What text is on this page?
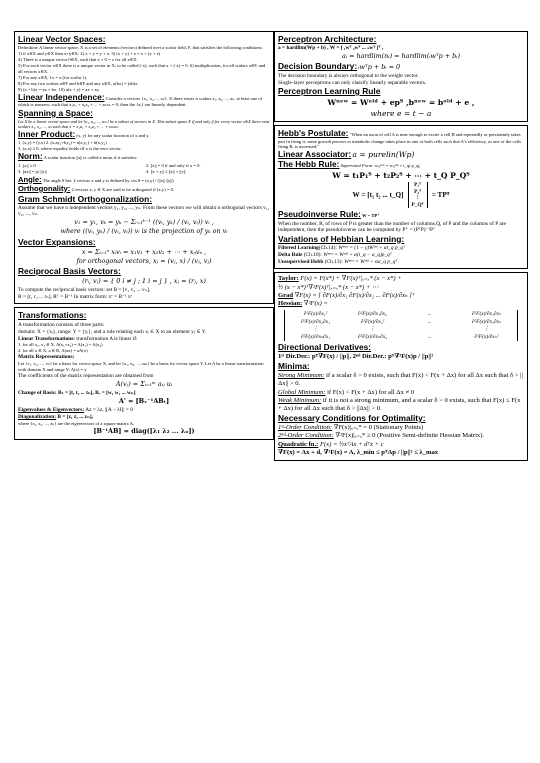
Linear Vector Spaces:
Definition: A linear vector space, X is a set of elements (vectors) defined over a scalar field, F, that satisfies the following conditions:
1) if x∈X and y∈X then x+y∈X. 2) x + y = y + x. 3) (x + y) + z = x + (y + z)
4) There is a unique vector 0∈X, such that x + 0 = x for all x∈X.
5) For each vector x∈X there is a unique vector in X, to be called (-x), such that x + (-x) = 0. 6) multiplication, for all scalars a∈F, and all vectors x∈X.
7) For any x∈X, 1x = x (for scalar 1).
8) For any two scalars a∈F and b∈F and any x∈X, a(bx) = (ab)x.
9) (a + b)x = ax + bx. 10) a(x + y) = ax + ay.
Linear Independence: Consider n vectors {x₁, x₂, .., xₙ}. If there exists n scalars a₁, a₂, ..., aₙ, at least one of which is nonzero, such that a₁x₁ + a₂x₂ + ... + aₙxₙ = 0, then the {xᵢ} are linearly dependent.
Spanning a Space:
Let X be a linear vector space and let {u₁, u₂, ..., uₘ} be a subset of vectors in X. This subset spans X if and only if for every vector x∈X there exist scalars x₁, x₂, ..., xₙ such that x = x₁u₁ + x₂u₂ + ... + xₘuₘ.
Inner Product: (x, y) for any scalar function of x and y.
1. (x,y) = (y,x) 2. (x,ay₁+by₂) = a(x,y₁) + b(x,y₂)
3. (x,x) ≥ 0, where equality holds iff x is the zero vector.
Norm: A scalar function ||x|| is called a norm if it satisfies:
1. ||x|| ≥ 0	2. ||x|| = 0 if and only if x = 0.
3. ||ax|| = |a| ||x||	4. ||x + y|| ≤ ||x|| + ||y||
Angle: The angle θ bet. 2 vectors x and y is defined by cos θ = (x,y) / (||x|| ||y||)
Orthogonality: 2 vectors x, y ∈ X are said to be orthogonal if (x,y) = 0.
Gram Schmidt Orthogonalization:
Assume that we have n independent vectors y₁, y₂, ..., yₙ. From these vectors we will obtain n orthogonal vectors v₁, v₂, ..., vₙ.
v₁ = y₁, vₖ = yₖ − Σᵢ₌₁ᵏ⁻¹ ((vᵢ, yₖ) / (vᵢ, vᵢ)) vᵢ ,
where ((vᵢ, yₖ) / (vᵢ, vᵢ)) vᵢ is the projection of yₖ on vᵢ
Vector Expansions:
x = Σᵢ₌₁ⁿ xᵢvᵢ = x₁v₁ + x₂v₂ + ⋯ + xₙvₙ ,
for orthogonal vectors, xⱼ = (vⱼ, x) / (vⱼ, vⱼ)
Reciprocal Basis Vectors:
(rᵢ, vⱼ) = { 0 i ≠ j ; 1 i = j } , xⱼ = (rⱼ, x)
To compute the reciprocal basis vectors: set B = [v₁ v₂ ... vₙ],
R = [r₁ r₂ ... rₙ], Rᵀ = B⁻¹ In matrix form: xᵛ = B⁻¹ xˢ
Transformations:
A transformation consists of three parts:
domain: X = {xᵢ}, range: Y = {yᵢ}, and a rule relating each xᵢ ∈ X to an element yⱼ ∈ Y.
Linear Transformations: transformation A is linear if:
1. for all x₁, x₂ ∈ X, A(x₁+x₂) = A(x₁) + A(x₂)
2. for all x ∈ X, a ∈ R, A(ax) = aA(x)
Matrix Representations:
Let {v₁, v₂, ..., vₙ} be a basis for vector space X, and let {u₁, u₂, ..., uₘ} be a basis for vector space Y. Let A be a linear transformation with domain X and range Y: A(x) = y
The coefficients of the matrix representation are obtained from
A(vⱼ) = Σᵢ₌₁ᵐ aᵢⱼ uᵢ
Change of Basis: Bₜ = [t₁ t₂ ... tₙ], Bᵥ = [w₁ w₂ ... wₙ]
A' = [Bᵥ⁻¹ABₜ]
Eigenvalues & Eigenvectors: Az = λz, |[A − λI]| = 0
Diagonalization: B = [z₁ z₂ ... zₙ],
where {z₁, z₂, ..., zₙ} are the eigenvectors of a square matrix A,
[B⁻¹AB] = diag([λ₁ λ₂ ... λₙ])
Perceptron Architecture:
a = hardlim(Wp + b) , W = [ ₁wᵀ ₂wᵀ ... ₛwᵀ ]ᵀ ,
aᵢ = hardlim(nᵢ) = hardlim(ᵢwᵀp + bᵢ)
Decision Boundary: ᵢwᵀp + bᵢ = 0
The decision boundary is always orthogonal to the weight vector.
Single-layer perceptrons can only classify linearly separable vectors.
Perceptron Learning Rule
Wⁿᵉʷ = Wᵒˡᵈ + epᵀ ,bⁿᵉʷ = bᵒˡᵈ + e ,
where e = t − a
Hebb's Postulate: "When an axon of cell A is near enough to excite a cell B and repeatedly or persistently takes part in firing it, some growth process or metabolic change takes place in one or both cells such that A's efficiency, as one of the cells firing B, is increased."
Linear Associator: a = purelin(Wp)
The Hebb Rule: Supervised Form: wᵢⱼⁿᵉʷ = wᵢⱼᵒˡᵈ + t_qi p_qj
W = t₁P₁ᵀ + t₂P₂ᵀ + ⋯ + t_Q P_Qᵀ
W = [t₁ t₂ ... t_Q]
P₁ᵀ
P₂ᵀ
⋮
P_Qᵀ
= TPᵀ
Pseudoinverse Rule: W = TP⁺
When the number, R, of rows of P is greater than the number of columns,Q, of P and the columns of P are independent, then the pseudoinverse can be computed by P⁺ = (PᵀP)⁻¹Pᵀ
Variations of Hebbian Learning:
Filtered Learning(Ch.14): Wⁿᵉʷ = (1 − γ)Wᵒˡᵈ + αt_q p_qᵀ
Delta Rule (Ch.10): Wⁿᵉʷ = Wᵒˡᵈ + α(t_q − a_q)p_qᵀ
Unsupervised Hebb (Ch.13): Wⁿᵉʷ = Wᵒˡᵈ + αa_q p_qᵀ
Taylor: F(x) = F(x*) + ∇F(x)ᵀ|ₓ₌ₓ* (x − x*) +
½ (x − x*)ᵀ∇²F(x)ᵀ|ₓ₌ₓ* (x − x*) + ⋯
Grad ∇F(x) = [ ∂F(x)/∂x₁ ∂F(x)/∂x₂ ... ∂F(x)/∂xₙ ]ᵀ
Hessian: ∇²F(x) =
∂²F(x)/∂x₁²	∂²F(x)/∂x₁∂x₂	...	∂²F(x)/∂x₁∂xₙ
∂²F(x)/∂x₂∂x₁	∂²F(x)/∂x₂²	...	∂²F(x)/∂x₂∂xₙ
⋮	⋮	⋮
∂²F(x)/∂xₙ∂x₁	∂²F(x)/∂xₙ∂x₂	...	∂²F(x)/∂xₙ²
Directional Derivatives:
1ˢᵗ Dir.Der.: pᵀ∇F(x) / ||p||, 2ⁿᵈ Dir.Der.: pᵀ∇²F(x)p / ||p||²
Minima:
Strong Minimum: if a scalar δ > 0 exists, such that F(x) < F(x + Δx) for all Δx such that δ > ||Δx|| > 0.
Global Minimum: if F(x) < F(x + Δx) for all Δx ≠ 0
Weak Minimum: if it is not a strong minimum, and a scalar δ > 0 exists, such that F(x) ≤ F(x + Δx) for all Δx such that δ > ||Δx|| > 0.
Necessary Conditions for Optimality:
1ˢᵗ-Order Condition: ∇F(x)|ₓ₌ₓ* = 0 (Stationary Points)
2ⁿᵈ-Order Condition: ∇²F(x)|ₓ₌ₓ* ≥ 0 (Positive Semi-definite Hessian Matrix).
Quadratic fn.: F(x) = ½xᵀAx + dᵀx + c
∇F(x) = Ax + d, ∇²F(x) = A, λ_min ≤ pᵀAp / ||p||² ≤ λ_max
